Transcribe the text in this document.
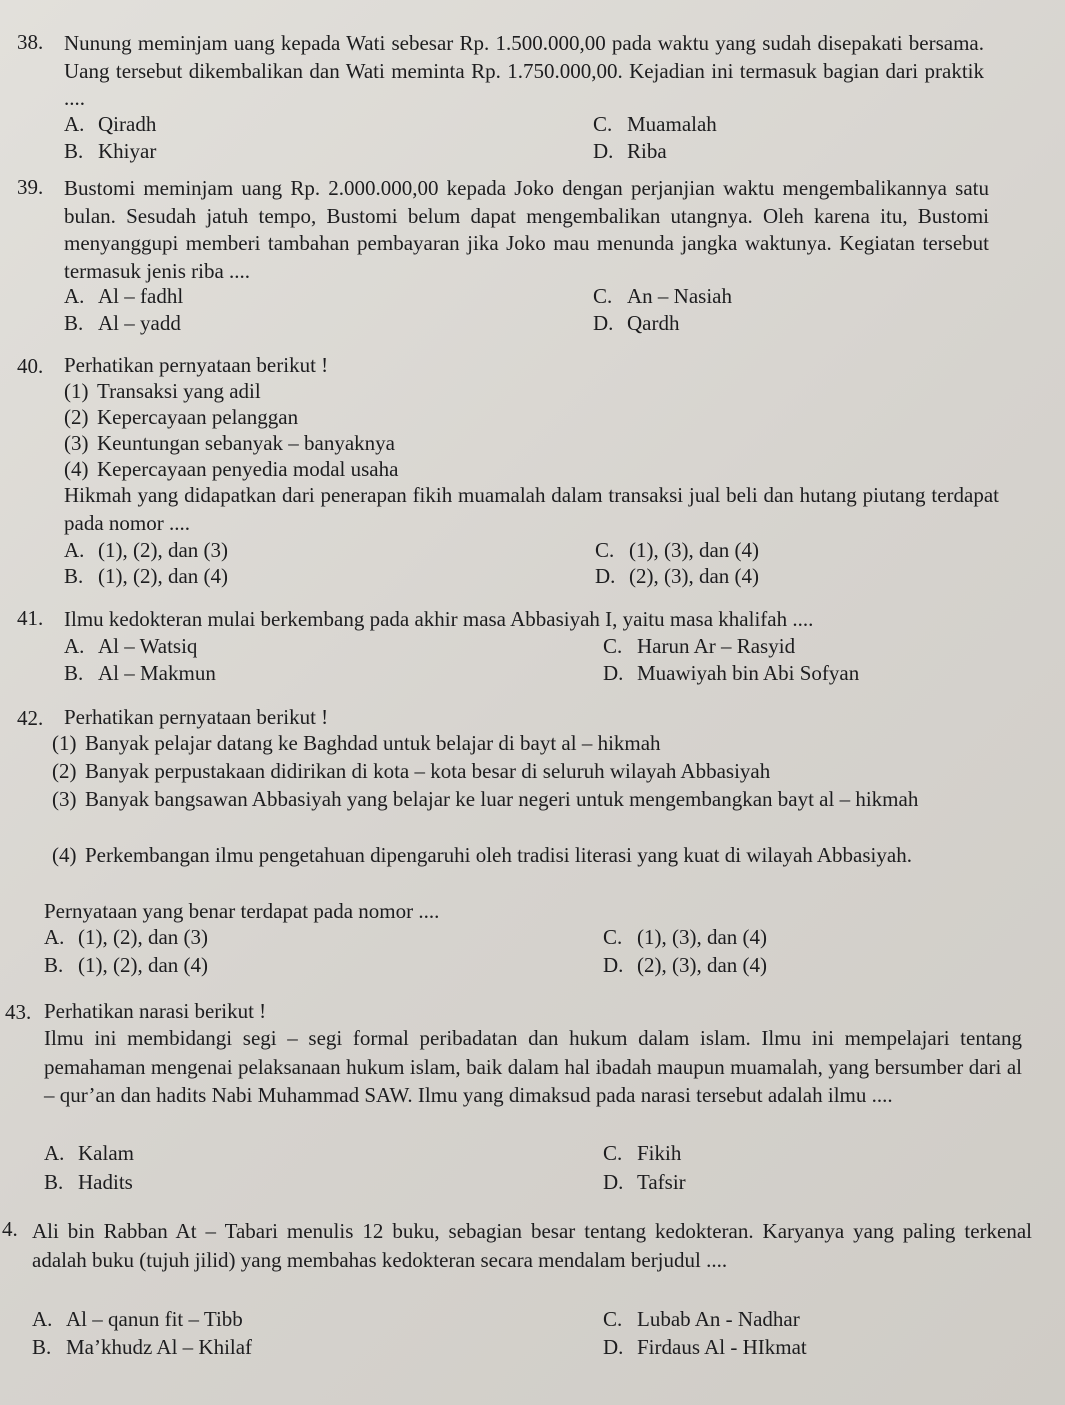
38. Nunung meminjam uang kepada Wati sebesar Rp. 1.500.000,00 pada waktu yang sudah disepakati bersama. Uang tersebut dikembalikan dan Wati meminta Rp. 1.750.000,00. Kejadian ini termasuk bagian dari praktik ....
A. Qiradh
B. Khiyar
C. Muamalah
D. Riba
39. Bustomi meminjam uang Rp. 2.000.000,00 kepada Joko dengan perjanjian waktu mengembalikannya satu bulan. Sesudah jatuh tempo, Bustomi belum dapat mengembalikan utangnya. Oleh karena itu, Bustomi menyanggupi memberi tambahan pembayaran jika Joko mau menunda jangka waktunya. Kegiatan tersebut termasuk jenis riba ....
A. Al – fadhl
B. Al – yadd
C. An – Nasiah
D. Qardh
40. Perhatikan pernyataan berikut !
(1) Transaksi yang adil
(2) Kepercayaan pelanggan
(3) Keuntungan sebanyak – banyaknya
(4) Kepercayaan penyedia modal usaha
Hikmah yang didapatkan dari penerapan fikih muamalah dalam transaksi jual beli dan hutang piutang terdapat pada nomor ....
A. (1), (2), dan (3)
B. (1), (2), dan (4)
C. (1), (3), dan (4)
D. (2), (3), dan (4)
41. Ilmu kedokteran mulai berkembang pada akhir masa Abbasiyah I, yaitu masa khalifah ....
A. Al – Watsiq
B. Al – Makmun
C. Harun Ar – Rasyid
D. Muawiyah bin Abi Sofyan
42. Perhatikan pernyataan berikut !
(1) Banyak pelajar datang ke Baghdad untuk belajar di bayt al – hikmah
(2) Banyak perpustakaan didirikan di kota – kota besar di seluruh wilayah Abbasiyah
(3) Banyak bangsawan Abbasiyah yang belajar ke luar negeri untuk mengembangkan bayt al – hikmah
(4) Perkembangan ilmu pengetahuan dipengaruhi oleh tradisi literasi yang kuat di wilayah Abbasiyah.
Pernyataan yang benar terdapat pada nomor ....
A. (1), (2), dan (3)
B. (1), (2), dan (4)
C. (1), (3), dan (4)
D. (2), (3), dan (4)
43. Perhatikan narasi berikut !
Ilmu ini membidangi segi – segi formal peribadatan dan hukum dalam islam. Ilmu ini mempelajari tentang pemahaman mengenai pelaksanaan hukum islam, baik dalam hal ibadah maupun muamalah, yang bersumber dari al – qur’an dan hadits Nabi Muhammad SAW. Ilmu yang dimaksud pada narasi tersebut adalah ilmu ....
A. Kalam
B. Hadits
C. Fikih
D. Tafsir
4. Ali bin Rabban At – Tabari menulis 12 buku, sebagian besar tentang kedokteran. Karyanya yang paling terkenal adalah buku (tujuh jilid) yang membahas kedokteran secara mendalam berjudul ....
A. Al – qanun fit – Tibb
B. Ma’khudz Al – Khilaf
C. Lubab An - Nadhar
D. Firdaus Al - HIkmat
